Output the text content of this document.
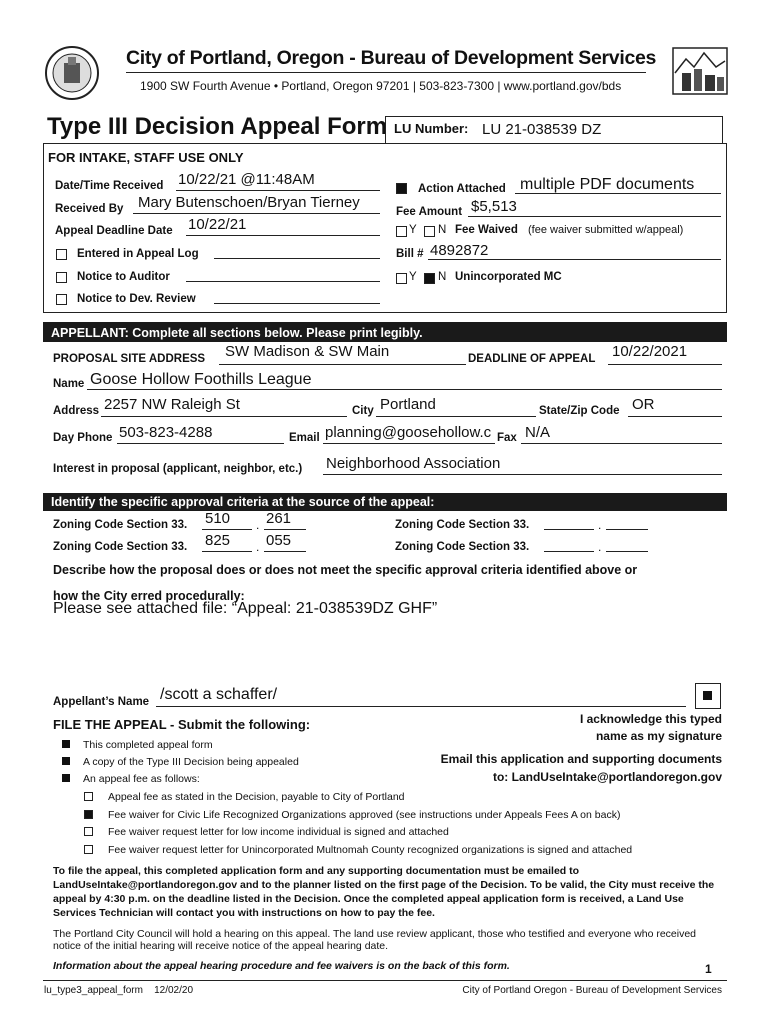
City of Portland, Oregon - Bureau of Development Services
1900 SW Fourth Avenue • Portland, Oregon 97201 | 503-823-7300 | www.portland.gov/bds
Type III Decision Appeal Form LU Number: LU 21-038539 DZ
FOR INTAKE, STAFF USE ONLY
Date/Time Received 10/22/21 @11:48AM
Received By Mary Butenschoen/Bryan Tierney
Appeal Deadline Date 10/22/21
Entered in Appeal Log
Notice to Auditor
Notice to Dev. Review
Action Attached multiple PDF documents
Fee Amount $5,513
Y N Fee Waived (fee waiver submitted w/appeal)
Bill # 4892872
Y N Unincorporated MC
APPELLANT: Complete all sections below. Please print legibly.
PROPOSAL SITE ADDRESS SW Madison & SW Main	DEADLINE OF APPEAL 10/22/2021
Name Goose Hollow Foothills League
Address 2257 NW Raleigh St	City Portland	State/Zip Code OR
Day Phone 503-823-4288	Email planning@goosehollow.c Fax N/A
Interest in proposal (applicant, neighbor, etc.) Neighborhood Association
Identify the specific approval criteria at the source of the appeal:
Zoning Code Section 33. 510 . 261
Zoning Code Section 33. 825 . 055
Zoning Code Section 33.	.
Zoning Code Section 33.	.
Describe how the proposal does or does not meet the specific approval criteria identified above or
how the City erred procedurally:
Please see attached file: “Appeal: 21-038539DZ GHF”
Appellant’s Name /scott a schaffer/
I acknowledge this typed
name as my signature
FILE THE APPEAL - Submit the following:
This completed appeal form
A copy of the Type III Decision being appealed
An appeal fee as follows:
Email this application and supporting documents
to: LandUseIntake@portlandoregon.gov
Appeal fee as stated in the Decision, payable to City of Portland
Fee waiver for Civic Life Recognized Organizations approved (see instructions under Appeals Fees A on back)
Fee waiver request letter for low income individual is signed and attached
Fee waiver request letter for Unincorporated Multnomah County recognized organizations is signed and attached
To file the appeal, this completed application form and any supporting documentation must be emailed to LandUseIntake@portlandoregon.gov and to the planner listed on the first page of the Decision. To be valid, the City must receive the appeal by 4:30 p.m. on the deadline listed in the Decision. Once the completed appeal application form is received, a Land Use Services Technician will contact you with instructions on how to pay the fee.
The Portland City Council will hold a hearing on this appeal. The land use review applicant, those who testified and everyone who received notice of the initial hearing will receive notice of the appeal hearing date.
Information about the appeal hearing procedure and fee waivers is on the back of this form.	1
lu_type3_appeal_form    12/02/20	City of Portland Oregon - Bureau of Development Services
